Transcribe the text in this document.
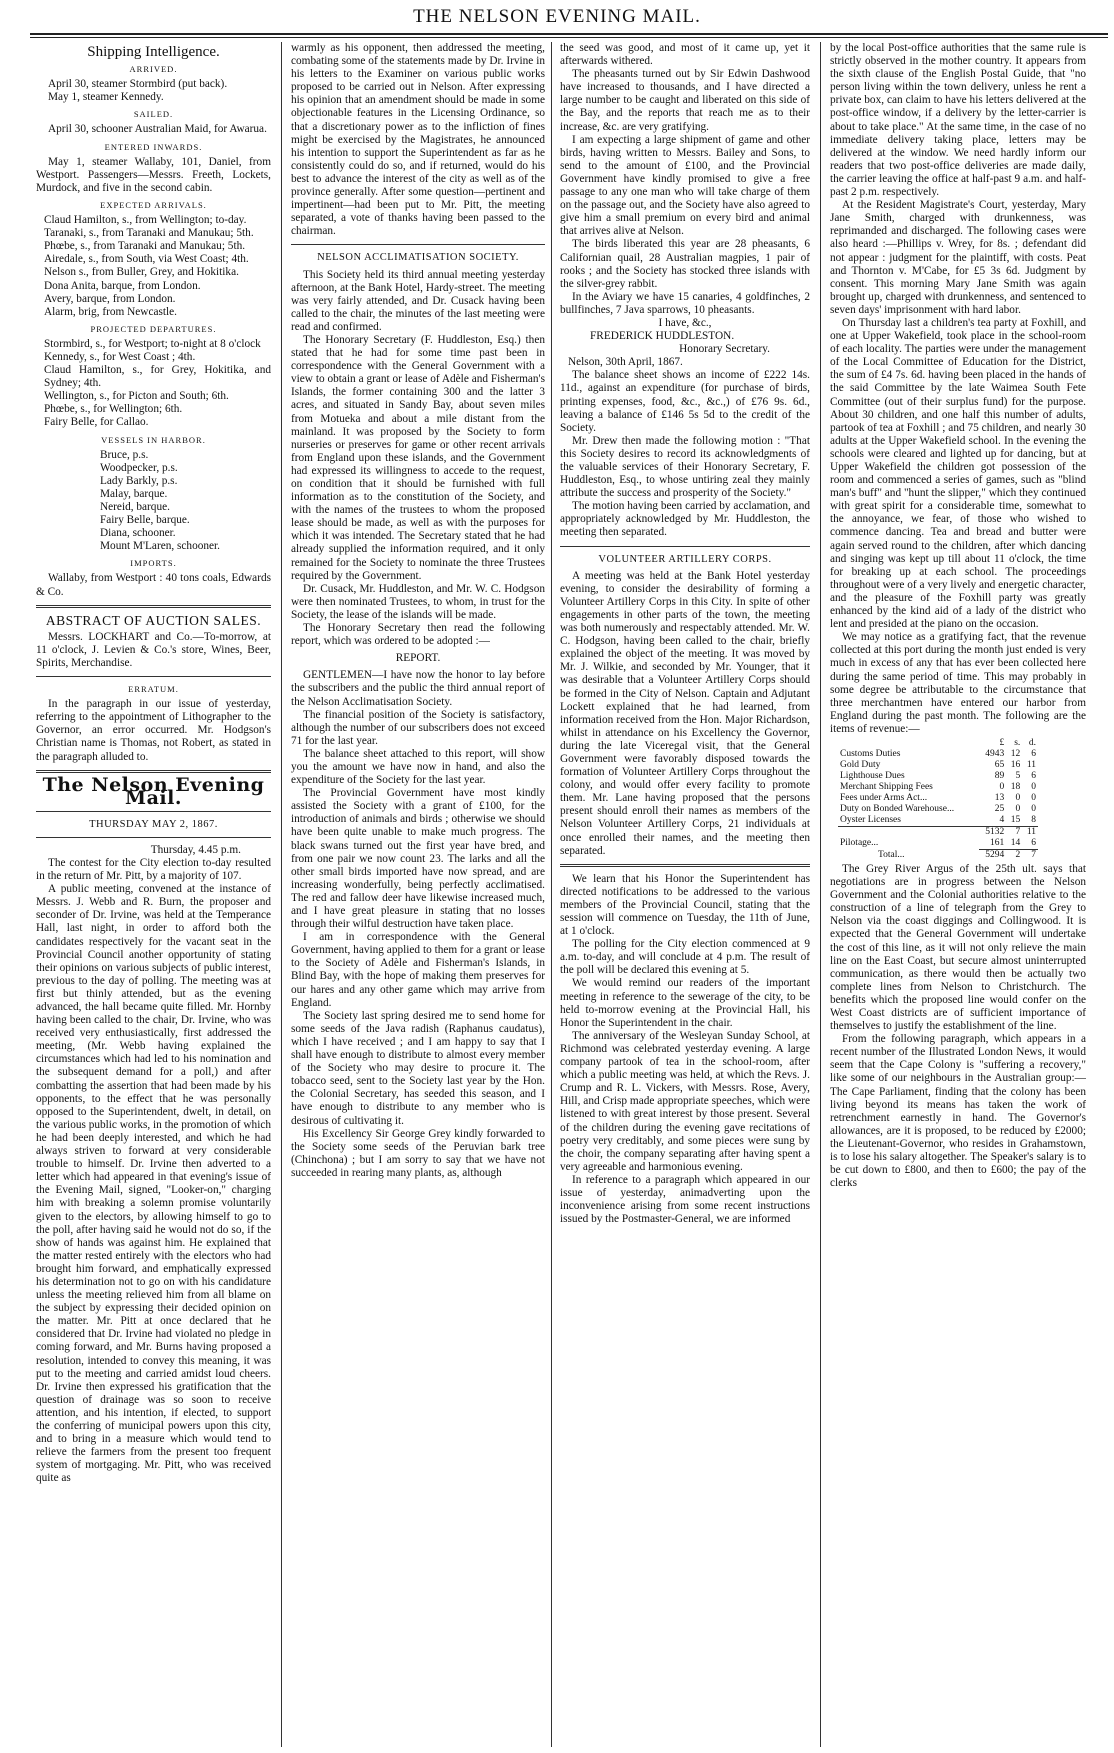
THE NELSON EVENING MAIL.
Shipping Intelligence.
ARRIVED.

April 30, steamer Stormbird (put back).

May 1, steamer Kennedy.

SAILED.

April 30, schooner Australian Maid, for Awarua.

ENTERED INWARDS.

May 1, steamer Wallaby, 101, Daniel, from Westport. Passengers—Messrs. Freeth, Lockets, Murdock, and five in the second cabin.

EXPECTED ARRIVALS.

Claud Hamilton, s., from Wellington; to-day.

Taranaki, s., from Taranaki and Manukau; 5th.

Phœbe, s., from Taranaki and Manukau; 5th.

Airedale, s., from South, via West Coast; 4th.

Nelson s., from Buller, Grey, and Hokitika.

Dona Anita, barque, from London.

Avery, barque, from London.

Alarm, brig, from Newcastle.

PROJECTED DEPARTURES.

Stormbird, s., for Westport; to-night at 8 o'clock

Kennedy, s., for West Coast ; 4th.

Claud Hamilton, s., for Grey, Hokitika, and Sydney; 4th.

Wellington, s., for Picton and South; 6th.

Phœbe, s., for Wellington; 6th.

Fairy Belle, for Callao.

VESSELS IN HARBOR.

Bruce, p.s.

Woodpecker, p.s.

Lady Barkly, p.s.

Malay, barque.

Nereid, barque.

Fairy Belle, barque.

Diana, schooner.

Mount M'Laren, schooner.

IMPORTS.

Wallaby, from Westport : 40 tons coals, Edwards & Co.

ABSTRACT OF AUCTION SALES.

Messrs. LOCKHART and Co.—To-morrow, at 11 o'clock, J. Levien & Co.'s store, Wines, Beer, Spirits, Merchandise.

ERRATUM.

In the paragraph in our issue of yesterday, referring to the appointment of Lithographer to the Governor, an error occurred. Mr. Hodgson's Christian name is Thomas, not Robert, as stated in the paragraph alluded to.

The Nelson Evening Mail.
THURSDAY MAY 2, 1867.

Thursday, 4.45 p.m.

The contest for the City election to-day resulted in the return of Mr. Pitt, by a majority of 107.

A public meeting, convened at the instance of Messrs. J. Webb and R. Burn, the proposer and seconder of Dr. Irvine, was held at the Temperance Hall, last night, in order to afford both the candidates respectively for the vacant seat in the Provincial Council another opportunity of stating their opinions on various subjects of public interest, previous to the day of polling. The meeting was at first but thinly attended, but as the evening advanced, the hall became quite filled. Mr. Hornby having been called to the chair, Dr. Irvine, who was received very enthusiastically, first addressed the meeting, (Mr. Webb having explained the circumstances which had led to his nomination and the subsequent demand for a poll,) and after combatting the assertion that had been made by his opponents, to the effect that he was personally opposed to the Superintendent, dwelt, in detail, on the various public works, in the promotion of which he had been deeply interested, and which he had always striven to forward at very considerable trouble to himself. Dr. Irvine then adverted to a letter which had appeared in that evening's issue of the Evening Mail, signed, "Looker-on," charging him with breaking a solemn promise voluntarily given to the electors, by allowing himself to go to the poll, after having said he would not do so, if the show of hands was against him. He explained that the matter rested entirely with the electors who had brought him forward, and emphatically expressed his determination not to go on with his candidature unless the meeting relieved him from all blame on the subject by expressing their decided opinion on the matter. Mr. Pitt at once declared that he considered that Dr. Irvine had violated no pledge in coming forward, and Mr. Burns having proposed a resolution, intended to convey this meaning, it was put to the meeting and carried amidst loud cheers. Dr. Irvine then expressed his gratification that the question of drainage was so soon to receive attention, and his intention, if elected, to support the conferring of municipal powers upon this city, and to bring in a measure which would tend to relieve the farmers from the present too frequent system of mortgaging. Mr. Pitt, who was received quite as

warmly as his opponent, then addressed the meeting, combating some of the statements made by Dr. Irvine in his letters to the Examiner on various public works proposed to be carried out in Nelson. After expressing his opinion that an amendment should be made in some objectionable features in the Licensing Ordinance, so that a discretionary power as to the infliction of fines might be exercised by the Magistrates, he announced his intention to support the Superintendent as far as he consistently could do so, and if returned, would do his best to advance the interest of the city as well as of the province generally. After some question—pertinent and impertinent—had been put to Mr. Pitt, the meeting separated, a vote of thanks having been passed to the chairman.

NELSON ACCLIMATISATION SOCIETY.

This Society held its third annual meeting yesterday afternoon, at the Bank Hotel, Hardy-street. The meeting was very fairly attended, and Dr. Cusack having been called to the chair, the minutes of the last meeting were read and confirmed.

The Honorary Secretary (F. Huddleston, Esq.) then stated that he had for some time past been in correspondence with the General Government with a view to obtain a grant or lease of Adèle and Fisherman's Islands, the former containing 300 and the latter 3 acres, and situated in Sandy Bay, about seven miles from Motueka and about a mile distant from the mainland. It was proposed by the Society to form nurseries or preserves for game or other recent arrivals from England upon these islands, and the Government had expressed its willingness to accede to the request, on condition that it should be furnished with full information as to the constitution of the Society, and with the names of the trustees to whom the proposed lease should be made, as well as with the purposes for which it was intended. The Secretary stated that he had already supplied the information required, and it only remained for the Society to nominate the three Trustees required by the Government.

Dr. Cusack, Mr. Huddleston, and Mr. W. C. Hodgson were then nominated Trustees, to whom, in trust for the Society, the lease of the islands will be made.

The Honorary Secretary then read the following report, which was ordered to be adopted :—

REPORT.

GENTLEMEN—I have now the honor to lay before the subscribers and the public the third annual report of the Nelson Acclimatisation Society.

The financial position of the Society is satisfactory, although the number of our subscribers does not exceed 71 for the last year.

The balance sheet attached to this report, will show you the amount we have now in hand, and also the expenditure of the Society for the last year.

The Provincial Government have most kindly assisted the Society with a grant of £100, for the introduction of animals and birds ; otherwise we should have been quite unable to make much progress. The black swans turned out the first year have bred, and from one pair we now count 23. The larks and all the other small birds imported have now spread, and are increasing wonderfully, being perfectly acclimatised. The red and fallow deer have likewise increased much, and I have great pleasure in stating that no losses through their wilful destruction have taken place.

I am in correspondence with the General Government, having applied to them for a grant or lease to the Society of Adèle and Fisherman's Islands, in Blind Bay, with the hope of making them preserves for our hares and any other game which may arrive from England.

The Society last spring desired me to send home for some seeds of the Java radish (Raphanus caudatus), which I have received ; and I am happy to say that I shall have enough to distribute to almost every member of the Society who may desire to procure it. The tobacco seed, sent to the Society last year by the Hon. the Colonial Secretary, has seeded this season, and I have enough to distribute to any member who is desirous of cultivating it.

His Excellency Sir George Grey kindly forwarded to the Society some seeds of the Peruvian bark tree (Chinchona) ; but I am sorry to say that we have not succeeded in rearing many plants, as, although

the seed was good, and most of it came up, yet it afterwards withered.

The pheasants turned out by Sir Edwin Dashwood have increased to thousands, and I have directed a large number to be caught and liberated on this side of the Bay, and the reports that reach me as to their increase, &c. are very gratifying.

I am expecting a large shipment of game and other birds, having written to Messrs. Bailey and Sons, to send to the amount of £100, and the Provincial Government have kindly promised to give a free passage to any one man who will take charge of them on the passage out, and the Society have also agreed to give him a small premium on every bird and animal that arrives alive at Nelson.

The birds liberated this year are 28 pheasants, 6 Californian quail, 28 Australian magpies, 1 pair of rooks ; and the Society has stocked three islands with the silver-grey rabbit.

In the Aviary we have 15 canaries, 4 goldfinches, 2 bullfinches, 7 Java sparrows, 10 pheasants.

I have, &c.,

FREDERICK HUDDLESTON.

Honorary Secretary.

Nelson, 30th April, 1867.

The balance sheet shows an income of £222 14s. 11d., against an expenditure (for purchase of birds, printing expenses, food, &c., &c.,) of £76 9s. 6d., leaving a balance of £146 5s 5d to the credit of the Society.

Mr. Drew then made the following motion : "That this Society desires to record its acknowledgments of the valuable services of their Honorary Secretary, F. Huddleston, Esq., to whose untiring zeal they mainly attribute the success and prosperity of the Society."

The motion having been carried by acclamation, and appropriately acknowledged by Mr. Huddleston, the meeting then separated.

VOLUNTEER ARTILLERY CORPS.

A meeting was held at the Bank Hotel yesterday evening, to consider the desirability of forming a Volunteer Artillery Corps in this City. In spite of other engagements in other parts of the town, the meeting was both numerously and respectably attended. Mr. W. C. Hodgson, having been called to the chair, briefly explained the object of the meeting. It was moved by Mr. J. Wilkie, and seconded by Mr. Younger, that it was desirable that a Volunteer Artillery Corps should be formed in the City of Nelson. Captain and Adjutant Lockett explained that he had learned, from information received from the Hon. Major Richardson, whilst in attendance on his Excellency the Governor, during the late Viceregal visit, that the General Government were favorably disposed towards the formation of Volunteer Artillery Corps throughout the colony, and would offer every facility to promote them. Mr. Lane having proposed that the persons present should enroll their names as members of the Nelson Volunteer Artillery Corps, 21 individuals at once enrolled their names, and the meeting then separated.

We learn that his Honor the Superintendent has directed notifications to be addressed to the various members of the Provincial Council, stating that the session will commence on Tuesday, the 11th of June, at 1 o'clock.

The polling for the City election commenced at 9 a.m. to-day, and will conclude at 4 p.m. The result of the poll will be declared this evening at 5.

We would remind our readers of the important meeting in reference to the sewerage of the city, to be held to-morrow evening at the Provincial Hall, his Honor the Superintendent in the chair.

The anniversary of the Wesleyan Sunday School, at Richmond was celebrated yesterday evening. A large company partook of tea in the school-room, after which a public meeting was held, at which the Revs. J. Crump and R. L. Vickers, with Messrs. Rose, Avery, Hill, and Crisp made appropriate speeches, which were listened to with great interest by those present. Several of the children during the evening gave recitations of poetry very creditably, and some pieces were sung by the choir, the company separating after having spent a very agreeable and harmonious evening.

In reference to a paragraph which appeared in our issue of yesterday, animadverting upon the inconvenience arising from some recent instructions issued by the Postmaster-General, we are informed

by the local Post-office authorities that the same rule is strictly observed in the mother country. It appears from the sixth clause of the English Postal Guide, that "no person living within the town delivery, unless he rent a private box, can claim to have his letters delivered at the post-office window, if a delivery by the letter-carrier is about to take place." At the same time, in the case of no immediate delivery taking place, letters may be delivered at the window. We need hardly inform our readers that two post-office deliveries are made daily, the carrier leaving the office at half-past 9 a.m. and half-past 2 p.m. respectively.

At the Resident Magistrate's Court, yesterday, Mary Jane Smith, charged with drunkenness, was reprimanded and discharged. The following cases were also heard :—Phillips v. Wrey, for 8s. ; defendant did not appear : judgment for the plaintiff, with costs. Peat and Thornton v. M'Cabe, for £5 3s 6d. Judgment by consent. This morning Mary Jane Smith was again brought up, charged with drunkenness, and sentenced to seven days' imprisonment with hard labor.

On Thursday last a children's tea party at Foxhill, and one at Upper Wakefield, took place in the school-room of each locality. The parties were under the management of the Local Committee of Education for the District, the sum of £4 7s. 6d. having been placed in the hands of the said Committee by the late Waimea South Fete Committee (out of their surplus fund) for the purpose. About 30 children, and one half this number of adults, partook of tea at Foxhill ; and 75 children, and nearly 30 adults at the Upper Wakefield school. In the evening the schools were cleared and lighted up for dancing, but at Upper Wakefield the children got possession of the room and commenced a series of games, such as "blind man's buff" and "hunt the slipper," which they continued with great spirit for a considerable time, somewhat to the annoyance, we fear, of those who wished to commence dancing. Tea and bread and butter were again served round to the children, after which dancing and singing was kept up till about 11 o'clock, the time for breaking up at each school. The proceedings throughout were of a very lively and energetic character, and the pleasure of the Foxhill party was greatly enhanced by the kind aid of a lady of the district who lent and presided at the piano on the occasion.

We may notice as a gratifying fact, that the revenue collected at this port during the month just ended is very much in excess of any that has ever been collected here during the same period of time. This may probably in some degree be attributable to the circumstance that three merchantmen have entered our harbor from England during the past month. The following are the items of revenue:—

	£	s.	d.
Customs Duties	4943	12	6
Gold Duty	65	16	11
Lighthouse Dues	89	5	6
Merchant Shipping Fees	0	18	0
Fees under Arms Act...	13	0	0
Duty on Bonded Warehouse...	25	0	0
Oyster Licenses	4	15	8
	5132	7	11
Pilotage...	161	14	6
Total...	5294	2	7

The Grey River Argus of the 25th ult. says that negotiations are in progress between the Nelson Government and the Colonial authorities relative to the construction of a line of telegraph from the Grey to Nelson via the coast diggings and Collingwood. It is expected that the General Government will undertake the cost of this line, as it will not only relieve the main line on the East Coast, but secure almost uninterrupted communication, as there would then be actually two complete lines from Nelson to Christchurch. The benefits which the proposed line would confer on the West Coast districts are of sufficient importance of themselves to justify the establishment of the line.

From the following paragraph, which appears in a recent number of the Illustrated London News, it would seem that the Cape Colony is "suffering a recovery," like some of our neighbours in the Australian group:—The Cape Parliament, finding that the colony has been living beyond its means has taken the work of retrenchment earnestly in hand. The Governor's allowances, are it is proposed, to be reduced by £2000; the Lieutenant-Governor, who resides in Grahamstown, is to lose his salary altogether. The Speaker's salary is to be cut down to £800, and then to £600; the pay of the clerks
